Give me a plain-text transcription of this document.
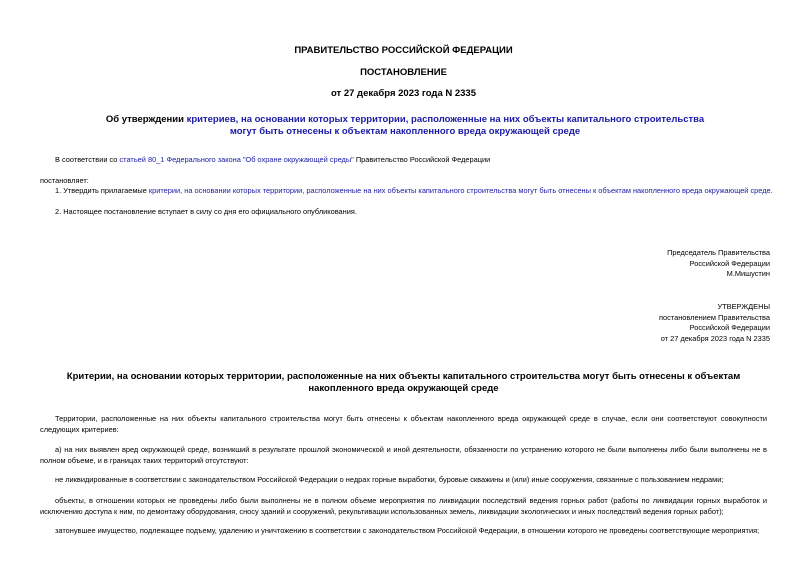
ПРАВИТЕЛЬСТВО РОССИЙСКОЙ ФЕДЕРАЦИИ

ПОСТАНОВЛЕНИЕ

от 27 декабря 2023 года N 2335

Об утверждении критериев, на основании которых территории, расположенные на них объекты капитального строительства могут быть отнесены к объектам накопленного вреда окружающей среде

В соответствии со статьей 80_1 Федерального закона "Об охране окружающей среды" Правительство Российской Федерации

постановляет:

1. Утвердить прилагаемые критерии, на основании которых территории, расположенные на них объекты капитального строительства могут быть отнесены к объектам накопленного вреда окружающей среде.

2. Настоящее постановление вступает в силу со дня его официального опубликования.

Председатель Правительства
Российской Федерации
М.Мишустин
УТВЕРЖДЕНЫ
постановлением Правительства
Российской Федерации
от 27 декабря 2023 года N 2335

Критерии, на основании которых территории, расположенные на них объекты капитального строительства могут быть отнесены к объектам накопленного вреда окружающей среде

Территории, расположенные на них объекты капитального строительства могут быть отнесены к объектам накопленного вреда окружающей среде в случае, если они соответствуют совокупности следующих критериев:

а) на них выявлен вред окружающей среде, возникший в результате прошлой экономической и иной деятельности, обязанности по устранению которого не были выполнены либо были выполнены не в полном объеме, и в границах таких территорий отсутствуют:

не ликвидированные в соответствии с законодательством Российской Федерации о недрах горные выработки, буровые скважины и (или) иные сооружения, связанные с пользованием недрами;

объекты, в отношении которых не проведены либо были выполнены не в полном объеме мероприятия по ликвидации последствий ведения горных работ (работы по ликвидации горных выработок и исключению доступа к ним, по демонтажу оборудования, сносу зданий и сооружений, рекультивации использованных земель, ликвидации экологических и иных последствий ведения горных работ);

затонувшее имущество, подлежащее подъему, удалению и уничтожению в соответствии с законодательством Российской Федерации, в отношении которого не проведены соответствующие мероприятия;
